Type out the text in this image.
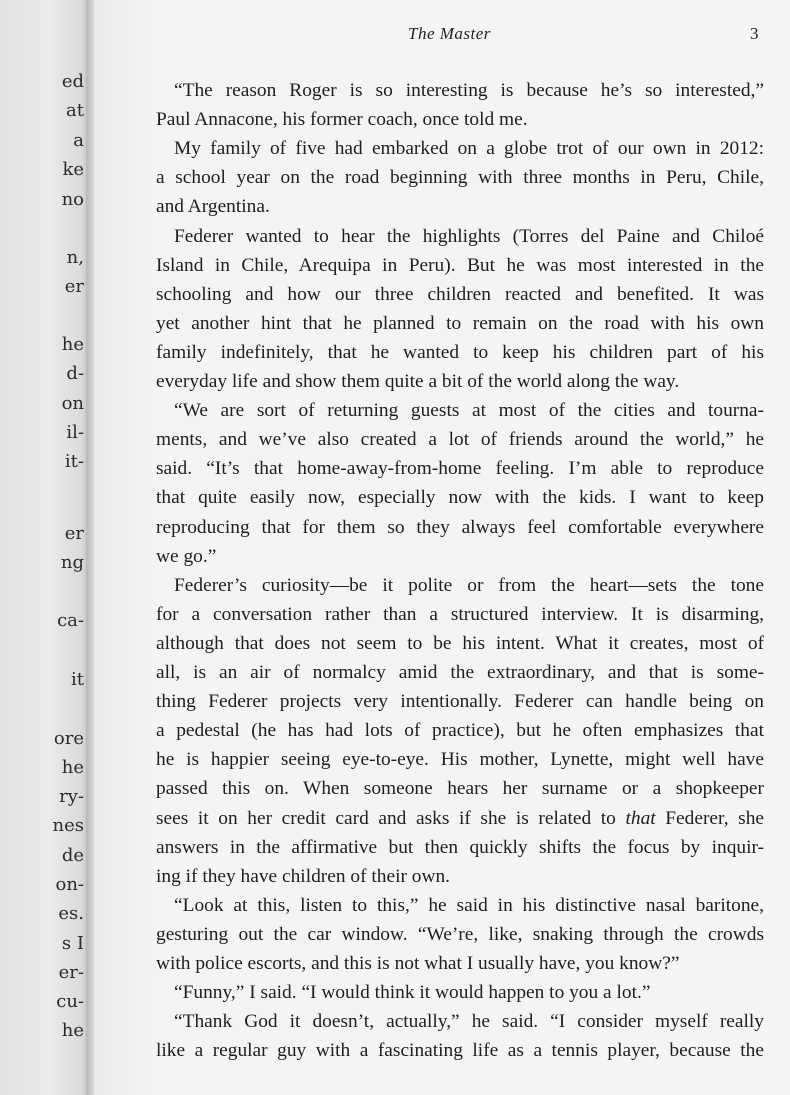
ed
at
a
ke
no
n,
er
he
d-
on
il-
it-
er
ng
ca-
it
ore
he
ry-
nes
de
on-
es.
s I
er-
cu-
he
The Master	3
“The reason Roger is so interesting is because he’s so interested,”
Paul Annacone, his former coach, once told me.
My family of five had embarked on a globe trot of our own in 2012:
a school year on the road beginning with three months in Peru, Chile,
and Argentina.
Federer wanted to hear the highlights (Torres del Paine and Chiloé
Island in Chile, Arequipa in Peru). But he was most interested in the
schooling and how our three children reacted and benefited. It was
yet another hint that he planned to remain on the road with his own
family indefinitely, that he wanted to keep his children part of his
everyday life and show them quite a bit of the world along the way.
“We are sort of returning guests at most of the cities and tourna-
ments, and we’ve also created a lot of friends around the world,” he
said. “It’s that home-away-from-home feeling. I’m able to reproduce
that quite easily now, especially now with the kids. I want to keep
reproducing that for them so they always feel comfortable everywhere
we go.”
Federer’s curiosity—be it polite or from the heart—sets the tone
for a conversation rather than a structured interview. It is disarming,
although that does not seem to be his intent. What it creates, most of
all, is an air of normalcy amid the extraordinary, and that is some-
thing Federer projects very intentionally. Federer can handle being on
a pedestal (he has had lots of practice), but he often emphasizes that
he is happier seeing eye-to-eye. His mother, Lynette, might well have
passed this on. When someone hears her surname or a shopkeeper
sees it on her credit card and asks if she is related to that Federer, she
answers in the affirmative but then quickly shifts the focus by inquir-
ing if they have children of their own.
“Look at this, listen to this,” he said in his distinctive nasal baritone,
gesturing out the car window. “We’re, like, snaking through the crowds
with police escorts, and this is not what I usually have, you know?”
“Funny,” I said. “I would think it would happen to you a lot.”
“Thank God it doesn’t, actually,” he said. “I consider myself really
like a regular guy with a fascinating life as a tennis player, because the
